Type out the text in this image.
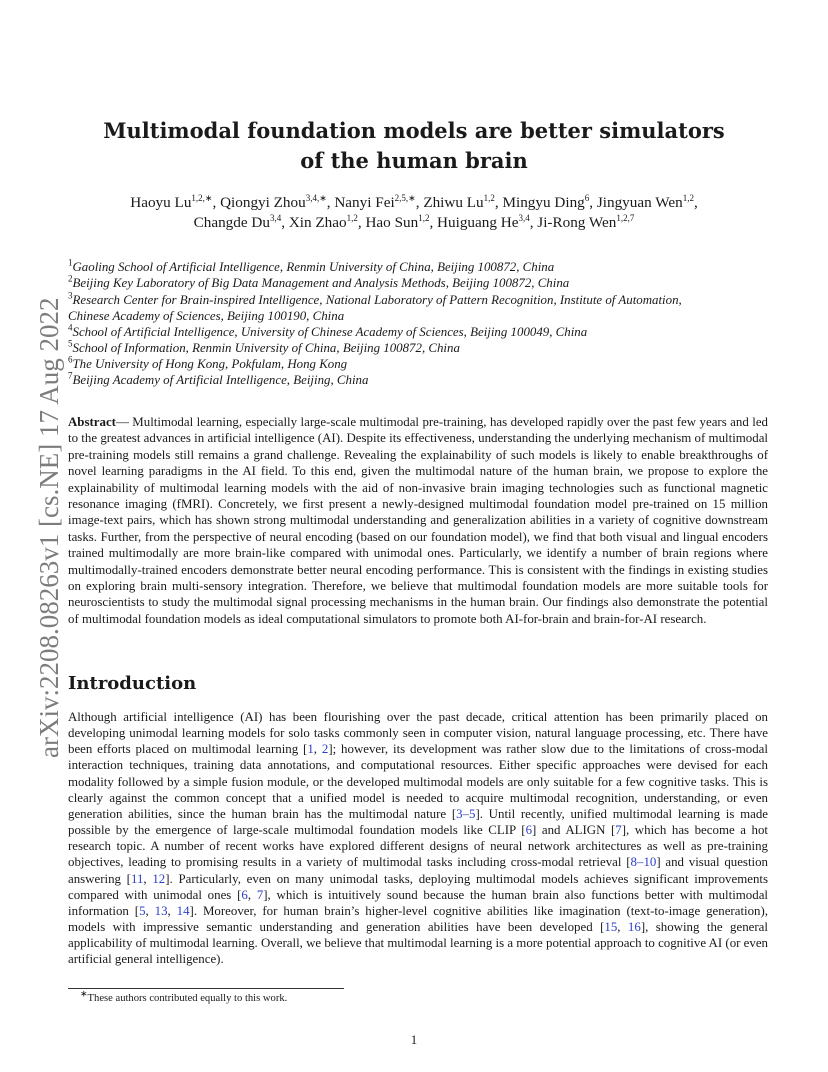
arXiv:2208.08263v1 [cs.NE] 17 Aug 2022
Multimodal foundation models are better simulators
of the human brain
Haoyu $Lu^{1,2,∗}$, Qiongyi Zhou$^{3,4,∗}$, Nanyi Fei$^{2,5,∗}$, Zhiwu Lu$^{1,2}$, Mingyu Ding$^6$, Jingyuan Wen$^{1,2}$,
Changde Du$^{3,4}$, Xin Zhao$^{1,2}$, Hao Sun$^{1,2}$, Huiguang He$^{3,4}$, Ji-Rong Wen$^{1,2,7}$
$^1$Gaoling School of Artificial Intelligence, Renmin University of China, Beijing 100872, China
$^2$Beijing Key Laboratory of Big Data Management and Analysis Methods, Beijing 100872, China
$^3$Research Center for Brain-inspired Intelligence, National Laboratory of Pattern Recognition, Institute of Automation,
Chinese Academy of Sciences, Beijing 100190, China
$^4$School of Artificial Intelligence, University of Chinese Academy of Sciences, Beijing 100049, China
$^5$School of Information, Renmin University of China, Beijing 100872, China
$^6$The University of Hong Kong, Pokfulam, Hong Kong
$^7$Beijing Academy of Artificial Intelligence, Beijing, China
Abstract— Multimodal learning, especially large-scale multimodal pre-training, has developed rapidly over the past few years and led to the greatest advances in artificial intelligence (AI). Despite its effectiveness, understanding the underlying mechanism of multimodal pre-training models still remains a grand challenge. Revealing the explainability of such models is likely to enable breakthroughs of novel learning paradigms in the AI field. To this end, given the multimodal nature of the human brain, we propose to explore the explainability of multimodal learning models with the aid of non-invasive brain imaging technologies such as functional magnetic resonance imaging (fMRI). Concretely, we first present a newly-designed multimodal foundation model pre-trained on 15 million image-text pairs, which has shown strong multimodal understanding and generalization abilities in a variety of cognitive downstream tasks. Further, from the perspective of neural encoding (based on our foundation model), we find that both visual and lingual encoders trained multimodally are more brain-like compared with unimodal ones. Particularly, we identify a number of brain regions where multimodally-trained encoders demonstrate better neural encoding performance. This is consistent with the findings in existing studies on exploring brain multi-sensory integration. Therefore, we believe that multimodal foundation models are more suitable tools for neuroscientists to study the multimodal signal processing mechanisms in the human brain. Our findings also demonstrate the potential of multimodal foundation models as ideal computational simulators to promote both AI-for-brain and brain-for-AI research.
Introduction
Although artificial intelligence (AI) has been flourishing over the past decade, critical attention has been primarily placed on developing unimodal learning models for solo tasks commonly seen in computer vision, natural language processing, etc. There have been efforts placed on multimodal learning [1, 2]; however, its development was rather slow due to the limitations of cross-modal interaction techniques, training data annotations, and computational resources. Either specific approaches were devised for each modality followed by a simple fusion module, or the developed multimodal models are only suitable for a few cognitive tasks. This is clearly against the common concept that a unified model is needed to acquire multimodal recognition, understanding, or even generation abilities, since the human brain has the multimodal nature [3–5]. Until recently, unified multimodal learning is made possible by the emergence of large-scale multimodal foundation models like CLIP [6] and ALIGN [7], which has become a hot research topic. A number of recent works have explored different designs of neural network architectures as well as pre-training objectives, leading to promising results in a variety of multimodal tasks including cross-modal retrieval [8–10] and visual question answering [11, 12]. Particularly, even on many unimodal tasks, deploying multimodal models achieves significant improvements compared with unimodal ones [6, 7], which is intuitively sound because the human brain also functions better with multimodal information [5, 13, 14]. Moreover, for human brain’s higher-level cognitive abilities like imagination (text-to-image generation), models with impressive semantic understanding and generation abilities have been developed [15, 16], showing the general applicability of multimodal learning. Overall, we believe that multimodal learning is a more potential approach to cognitive AI (or even artificial general intelligence).
∗These authors contributed equally to this work.
1
